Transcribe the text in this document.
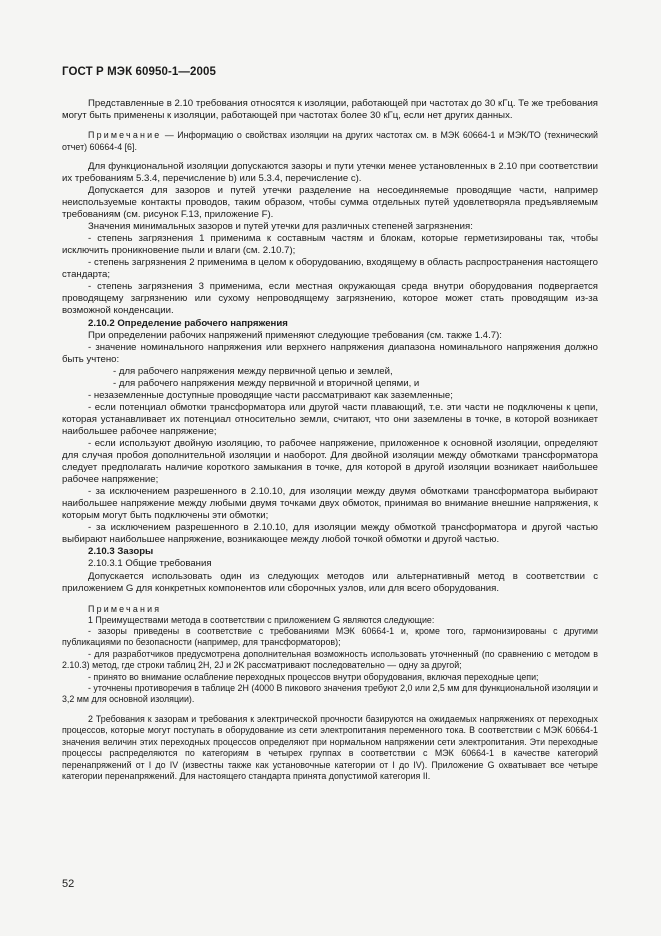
ГОСТ Р МЭК 60950-1—2005

Представленные в 2.10 требования относятся к изоляции, работающей при частотах до 30 кГц. Те же требования могут быть применены к изоляции, работающей при частотах более 30 кГц, если нет других данных.

Примечание — Информацию о свойствах изоляции на других частотах см. в МЭК 60664-1 и МЭК/ТО (технический отчет) 60664-4 [6].

Для функциональной изоляции допускаются зазоры и пути утечки менее установленных в 2.10 при соответствии их требованиям 5.3.4, перечисление b) или 5.3.4, перечисление с).

Допускается для зазоров и путей утечки разделение на несоединяемые проводящие части, например неиспользуемые контакты проводов, таким образом, чтобы сумма отдельных путей удовлетворяла предъявляемым требованиям (см. рисунок F.13, приложение F).

Значения минимальных зазоров и путей утечки для различных степеней загрязнения:

- степень загрязнения 1 применима к составным частям и блокам, которые герметизированы так, чтобы исключить проникновение пыли и влаги (см. 2.10.7);

- степень загрязнения 2 применима в целом к оборудованию, входящему в область распространения настоящего стандарта;

- степень загрязнения 3 применима, если местная окружающая среда внутри оборудования подвергается проводящему загрязнению или сухому непроводящему загрязнению, которое может стать проводящим из-за возможной конденсации.

2.10.2 Определение рабочего напряжения

При определении рабочих напряжений применяют следующие требования (см. также 1.4.7):

- значение номинального напряжения или верхнего напряжения диапазона номинального напряжения должно быть учтено:

- для рабочего напряжения между первичной цепью и землей,

- для рабочего напряжения между первичной и вторичной цепями, и

- незаземленные доступные проводящие части рассматривают как заземленные;

- если потенциал обмотки трансформатора или другой части плавающий, т.е. эти части не подключены к цепи, которая устанавливает их потенциал относительно земли, считают, что они заземлены в точке, в которой возникает наибольшее рабочее напряжение;

- если используют двойную изоляцию, то рабочее напряжение, приложенное к основной изоляции, определяют для случая пробоя дополнительной изоляции и наоборот. Для двойной изоляции между обмотками трансформатора следует предполагать наличие короткого замыкания в точке, для которой в другой изоляции возникает наибольшее рабочее напряжение;

- за исключением разрешенного в 2.10.10, для изоляции между двумя обмотками трансформатора выбирают наибольшее напряжение между любыми двумя точками двух обмоток, принимая во внимание внешние напряжения, к которым могут быть подключены эти обмотки;

- за исключением разрешенного в 2.10.10, для изоляции между обмоткой трансформатора и другой частью выбирают наибольшее напряжение, возникающее между любой точкой обмотки и другой частью.

2.10.3 Зазоры

2.10.3.1 Общие требования

Допускается использовать один из следующих методов или альтернативный метод в соответствии с приложением G для конкретных компонентов или сборочных узлов, или для всего оборудования.

Примечания

1 Преимуществами метода в соответствии с приложением G являются следующие:

- зазоры приведены в соответствие с требованиями МЭК 60664-1 и, кроме того, гармонизированы с другими публикациями по безопасности (например, для трансформаторов);

- для разработчиков предусмотрена дополнительная возможность использовать уточненный (по сравнению с методом в 2.10.3) метод, где строки таблиц 2H, 2J и 2K рассматривают последовательно — одну за другой;

- принято во внимание ослабление переходных процессов внутри оборудования, включая переходные цепи;

- уточнены противоречия в таблице 2H (4000 В пикового значения требуют 2,0 или 2,5 мм для функциональной изоляции и 3,2 мм для основной изоляции).

2 Требования к зазорам и требования к электрической прочности базируются на ожидаемых напряжениях от переходных процессов, которые могут поступать в оборудование из сети электропитания переменного тока. В соответствии с МЭК 60664-1 значения величин этих переходных процессов определяют при нормальном напряжении сети электропитания. Эти переходные процессы распределяются по категориям в четырех группах в соответствии с МЭК 60664-1 в качестве категорий перенапряжений от I до IV (известны также как установочные категории от I до IV). Приложение G охватывает все четыре категории перенапряжений. Для настоящего стандарта принята допустимой категория II.

52
